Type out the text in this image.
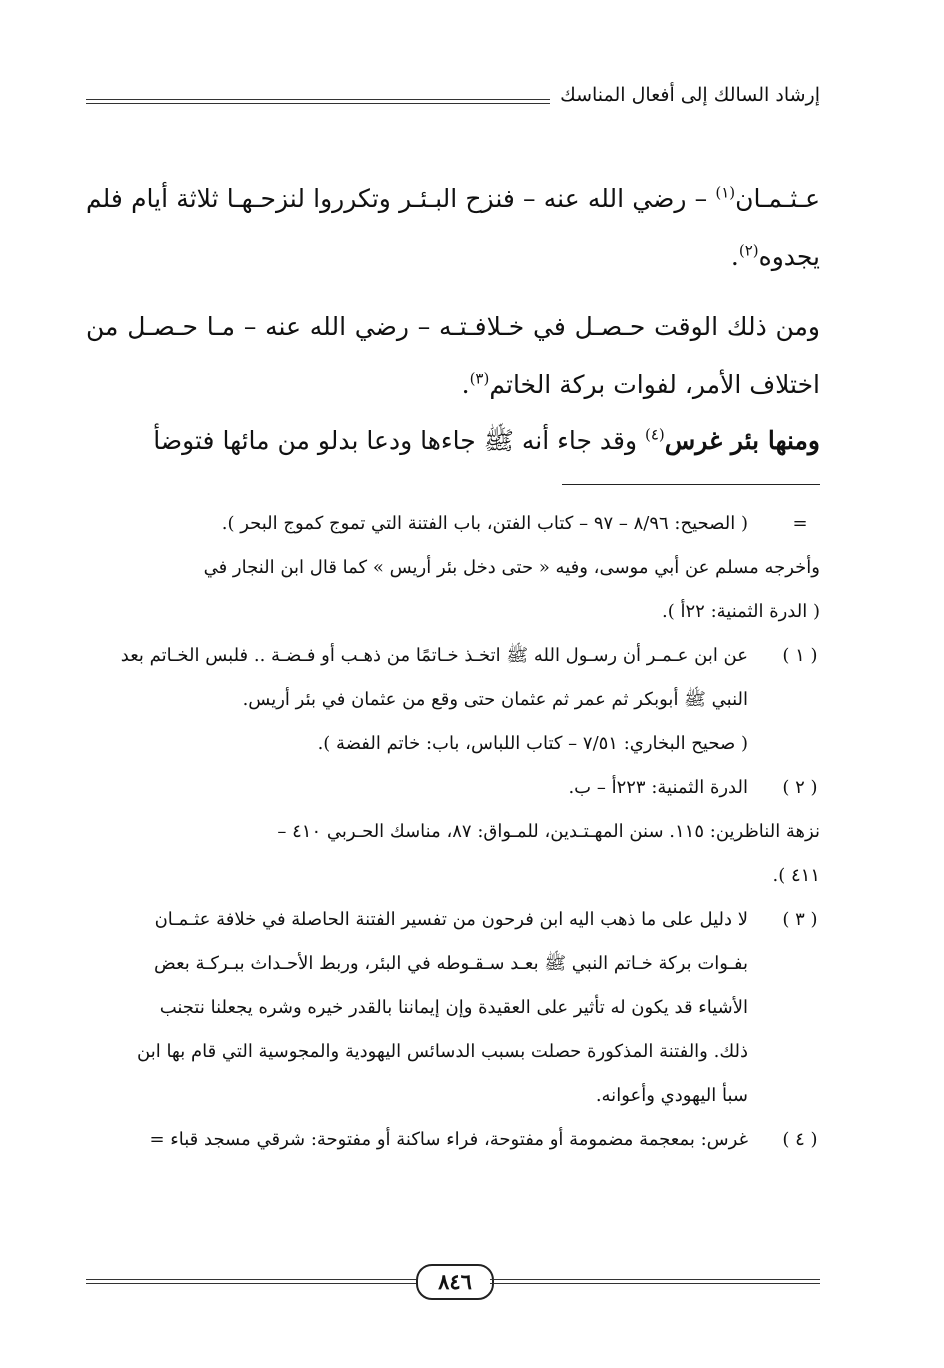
إرشاد السالك إلى أفعال المناسك

عـثـمـان$^{(١)}$ – رضي الله عنه – فنزح البـئـر وتكرروا لنزحـهـا ثلاثة أيام فلم يجدوه$^{(٢)}$.

ومن ذلك الوقت حـصـل في خـلافـتـه – رضي الله عنه – مـا حـصـل من اختلاف الأمر، لفوات بركة الخاتم$^{(٣)}$.

ومنها بئر غرس$^{(٤)}$ وقد جاء أنه ﷺ جاءها ودعا بدلو من مائها فتوضأ

=
( الصحيح: ٨/٩٦ – ٩٧ – كتاب الفتن، باب الفتنة التي تموج كموج البحر ).
وأخرجه مسلم عن أبي موسى، وفيه « حتى دخل بئر أريس » كما قال ابن النجار في
( الدرة الثمنية: ٢٢أ ).
( ١ )
عن ابن عـمـر أن رسـول الله ﷺ اتخـذ خـاتمًا من ذهـب أو فـضـة .. فلبس الخـاتم بعد
النبي ﷺ أبوبكر ثم عمر ثم عثمان حتى وقع من عثمان في بئر أريس.
( صحيح البخاري: ٧/٥١ – كتاب اللباس، باب: خاتم الفضة ).
( ٢ )
الدرة الثمنية: ٢٢٣أ – ب.
نزهة الناظرين: ١١٥. سنن المهـتـدين، للمـواق: ٨٧، مناسك الحـربي ٤١٠ –
٤١١ ).
( ٣ )
لا دليل على ما ذهب اليه ابن فرحون من تفسير الفتنة الحاصلة في خلافة عثـمـان
بفـوات بركة خـاتم النبي ﷺ بعـد سـقـوطه في البئر، وربط الأحـداث ببـركـة بعض
الأشياء قد يكون له تأثير على العقيدة وإن إيماننا بالقدر خيره وشره يجعلنا نتجنب
ذلك. والفتنة المذكورة حصلت بسبب الدسائس اليهودية والمجوسية التي قام بها ابن
سبأ اليهودي وأعوانه.
( ٤ )
غرس: بمعجمة مضمومة أو مفتوحة، فراء ساكنة أو مفتوحة: شرقي مسجد قباء =
٨٤٦
